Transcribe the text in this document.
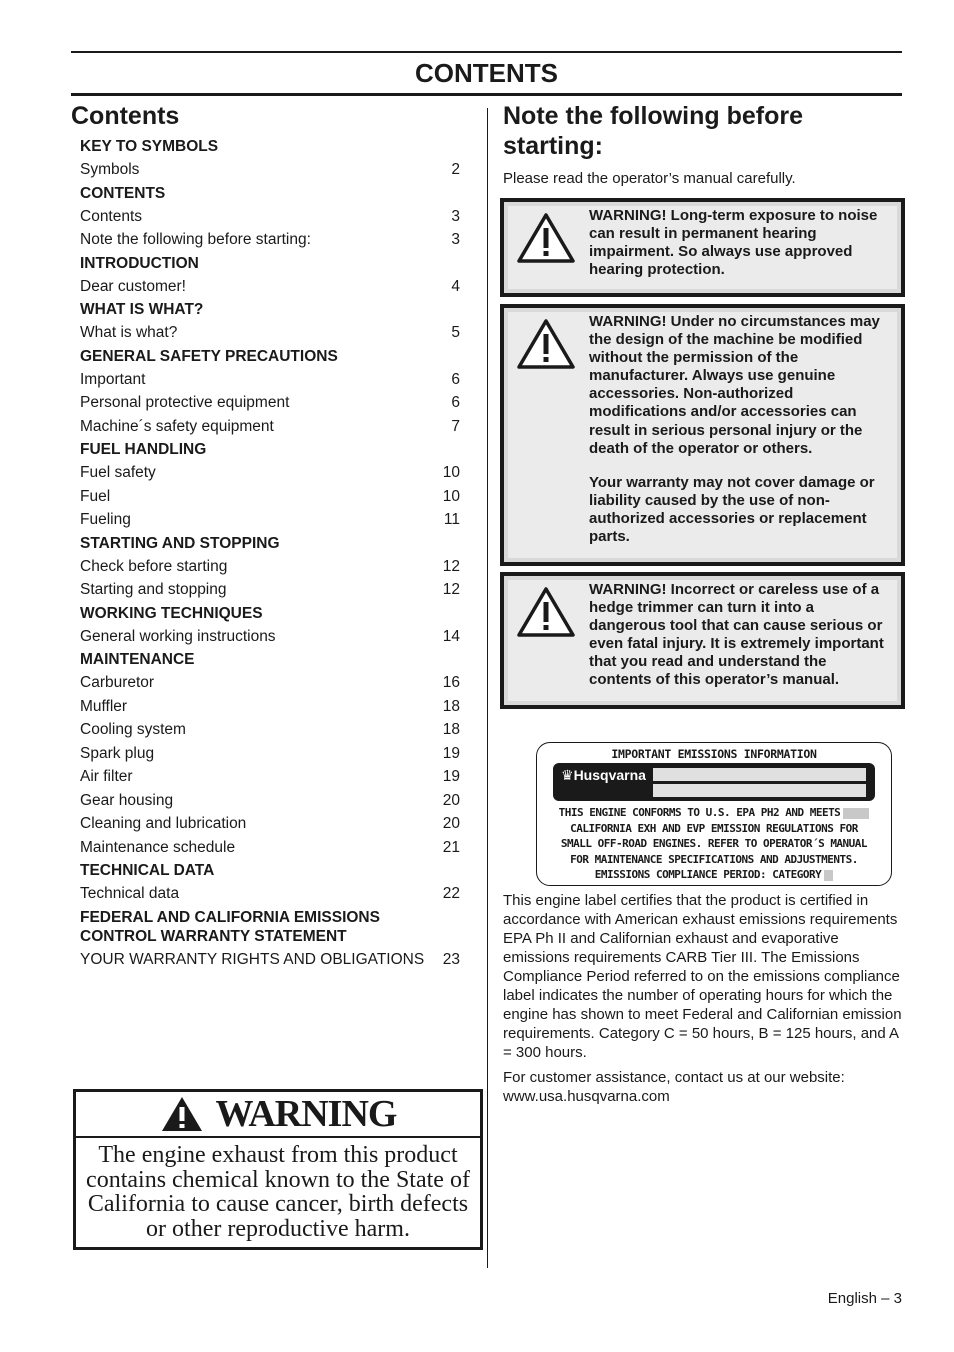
CONTENTS
Contents
KEY TO SYMBOLS
Symbols	2
CONTENTS
Contents	3
Note the following before starting:	3
INTRODUCTION
Dear customer!	4
WHAT IS WHAT?
What is what?	5
GENERAL SAFETY PRECAUTIONS
Important	6
Personal protective equipment	6
Machine´s safety equipment	7
FUEL HANDLING
Fuel safety	10
Fuel	10
Fueling	11
STARTING AND STOPPING
Check before starting	12
Starting and stopping	12
WORKING TECHNIQUES
General working instructions	14
MAINTENANCE
Carburetor	16
Muffler	18
Cooling system	18
Spark plug	19
Air filter	19
Gear housing	20
Cleaning and lubrication	20
Maintenance schedule	21
TECHNICAL DATA
Technical data	22
FEDERAL AND CALIFORNIA EMISSIONS CONTROL WARRANTY STATEMENT
YOUR WARRANTY RIGHTS AND OBLIGATIONS 23
WARNING
The engine exhaust from this product contains chemical known to the State of California to cause cancer, birth defects or other reproductive harm.
Note the following before starting:
Please read the operator’s manual carefully.

WARNING! Long-term exposure to noise can result in permanent hearing impairment. So always use approved hearing protection.

WARNING! Under no circumstances may the design of the machine be modified without the permission of the manufacturer. Always use genuine accessories. Non-authorized modifications and/or accessories can result in serious personal injury or the death of the operator or others.

Your warranty may not cover damage or liability caused by the use of non-authorized accessories or replacement parts.

WARNING! Incorrect or careless use of a hedge trimmer can turn it into a dangerous tool that can cause serious or even fatal injury. It is extremely important that you read and understand the contents of this operator’s manual.

IMPORTANT EMISSIONS INFORMATION
♛Husqvarna
THIS ENGINE CONFORMS TO U.S. EPA PH2 AND MEETS
CALIFORNIA EXH AND EVP EMISSION REGULATIONS FOR
SMALL OFF-ROAD ENGINES. REFER TO OPERATOR´S MANUAL
FOR MAINTENANCE SPECIFICATIONS AND ADJUSTMENTS.
EMISSIONS COMPLIANCE PERIOD: CATEGORY
This engine label certifies that the product is certified in accordance with American exhaust emissions requirements EPA Ph II and Californian exhaust and evaporative emissions requirements CARB Tier III. The Emissions Compliance Period referred to on the emissions compliance label indicates the number of operating hours for which the engine has shown to meet Federal and Californian emission requirements. Category C = 50 hours, B = 125 hours, and A = 300 hours.
For customer assistance, contact us at our website:
www.usa.husqvarna.com
English – 3
